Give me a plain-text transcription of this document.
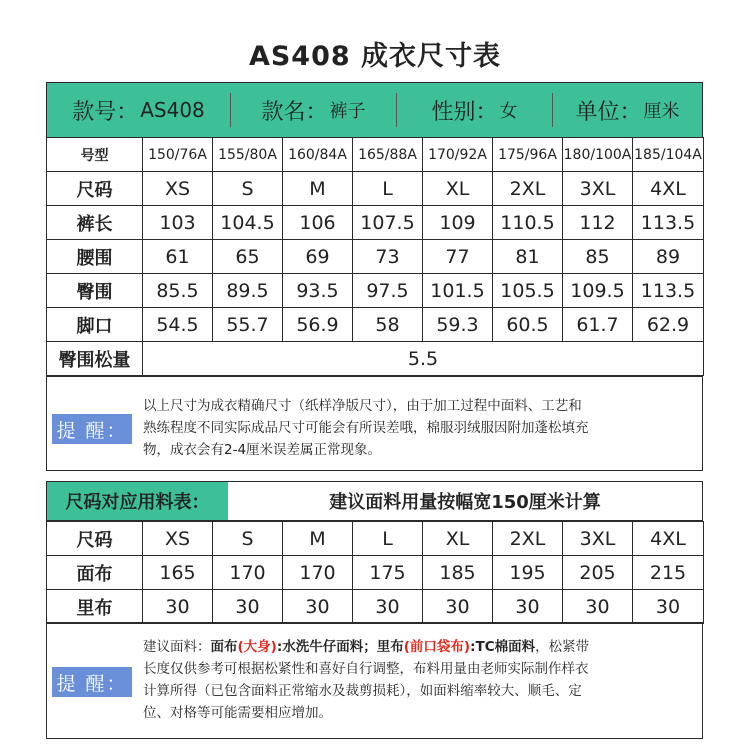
AS408 成衣尺寸表
款号： AS408	款名： 裤子	性别： 女	单位： 厘米
号型	150/76A	155/80A	160/84A	165/88A	170/92A	175/96A	180/100A	185/104A
尺码	XS	S	M	L	XL	2XL	3XL	4XL
裤长	103	104.5	106	107.5	109	110.5	112	113.5
腰围	61	65	69	73	77	81	85	89
臀围	85.5	89.5	93.5	97.5	101.5	105.5	109.5	113.5
脚口	54.5	55.7	56.9	58	59.3	60.5	61.7	62.9
臀围松量	5.5							
提 醒：
以上尺寸为成衣精确尺寸（纸样净版尺寸），由于加工过程中面料、工艺和
熟练程度不同实际成品尺寸可能会有所误差哦，棉服羽绒服因附加蓬松填充
物，成衣会有2-4厘米误差属正常现象。
尺码对应用料表：	建议面料用量按幅宽150厘米计算
尺码	XS	S	M	L	XL	2XL	3XL	4XL
面布	165	170	170	175	185	195	205	215
里布	30	30	30	30	30	30	30	30
提 醒：
建议面料：面布(大身):水洗牛仔面料；里布(前口袋布):TC棉面料，松紧带
长度仅供参考可根据松紧性和喜好自行调整，布料用量由老师实际制作样衣
计算所得（已包含面料正常缩水及裁剪损耗），如面料缩率较大、顺毛、定
位、对格等可能需要相应增加。
